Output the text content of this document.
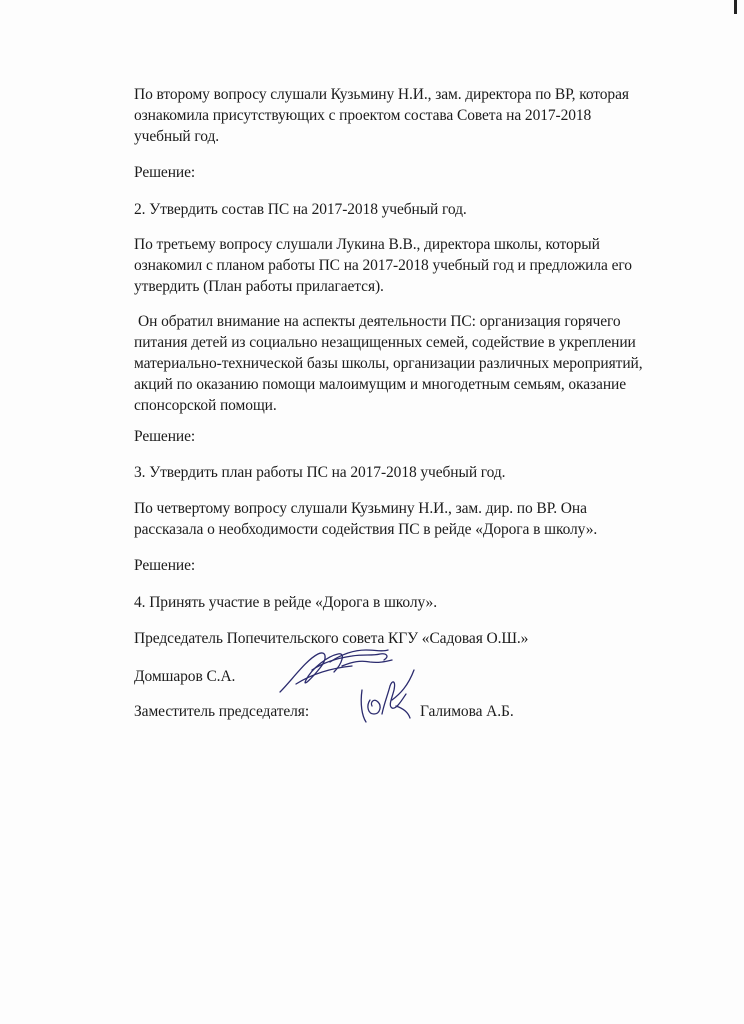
По второму вопросу слушали Кузьмину Н.И., зам. директора по ВР, которая
ознакомила присутствующих с проектом состава Совета на 2017-2018
учебный год.
Решение:
2. Утвердить состав ПС на 2017-2018 учебный год.
По третьему вопросу слушали Лукина В.В., директора школы, который
ознакомил с планом работы ПС на 2017-2018 учебный год и предложила его
утвердить (План работы прилагается).
Он обратил внимание на аспекты деятельности ПС: организация горячего
питания детей из социально незащищенных семей, содействие в укреплении
материально-технической базы школы, организации различных мероприятий,
акций по оказанию помощи малоимущим и многодетным семьям, оказание
спонсорской помощи.
Решение:
3. Утвердить план работы ПС на 2017-2018 учебный год.
По четвертому вопросу слушали Кузьмину Н.И., зам. дир. по ВР. Она
рассказала о необходимости содействия ПС в рейде «Дорога в школу».
Решение:
4. Принять участие в рейде «Дорога в школу».
Председатель Попечительского совета КГУ «Садовая О.Ш.»
Домшаров С.А.
Заместитель председателя:	Галимова А.Б.
